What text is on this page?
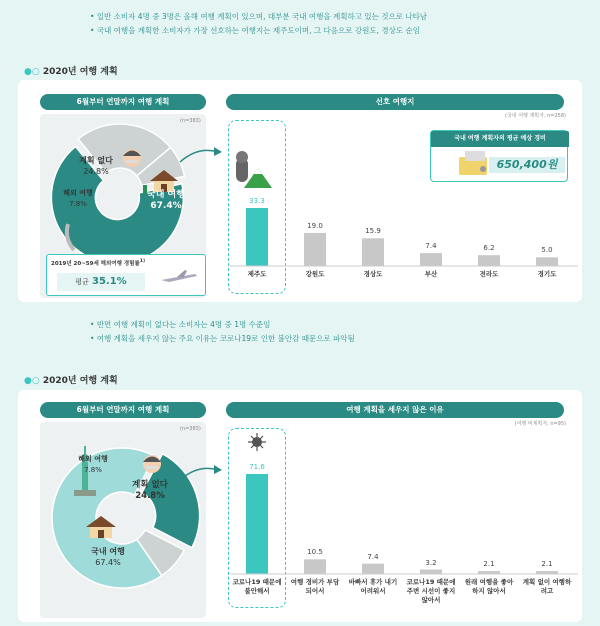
• 일반 소비자 4명 중 3명은 올해 여행 계획이 있으며, 대부분 국내 여행을 계획하고 있는 것으로 나타남
• 국내 여행을 계획한 소비자가 가장 선호하는 여행지는 제주도이며, 그 다음으로 강원도, 경상도 순임
●○ 2020년 여행 계획
6월부터 연말까지 여행 계획	선호 여행지
(n=383)
(국내 여행 계획자, n=258)
계획 없다
24.8%
해외 여행
7.8%
국내 여행
67.4%
2019년 20~59세 해외여행 경험률$^{1)}$
평균 35.1%
33.3
제주도
19.0
강원도
15.9
경상도
7.4
부산
6.2
전라도
5.0
경기도
국내 여행 계획자의 평균 예상 경비
650,400원
• 반면 여행 계획이 없다는 소비자는 4명 중 1명 수준임
• 여행 계획을 세우지 않는 주요 이유는 코로나19로 인한 불안감 때문으로 파악됨
●○ 2020년 여행 계획
6월부터 연말까지 여행 계획	여행 계획을 세우지 않은 이유
(n=383)
(여행 비계획자, n=95)
해외 여행
7.8%
계획 없다
24.8%
국내 여행
67.4%
71.6
코로나19 때문에 불안해서
10.5
여행 경비가 부담되어서
7.4
바빠서 휴가 내기 어려워서
3.2
코로나19 때문에 주변 시선이 좋지 않아서
2.1
원래 여행을 좋아하지 않아서
2.1
계획 없이 여행하려고
